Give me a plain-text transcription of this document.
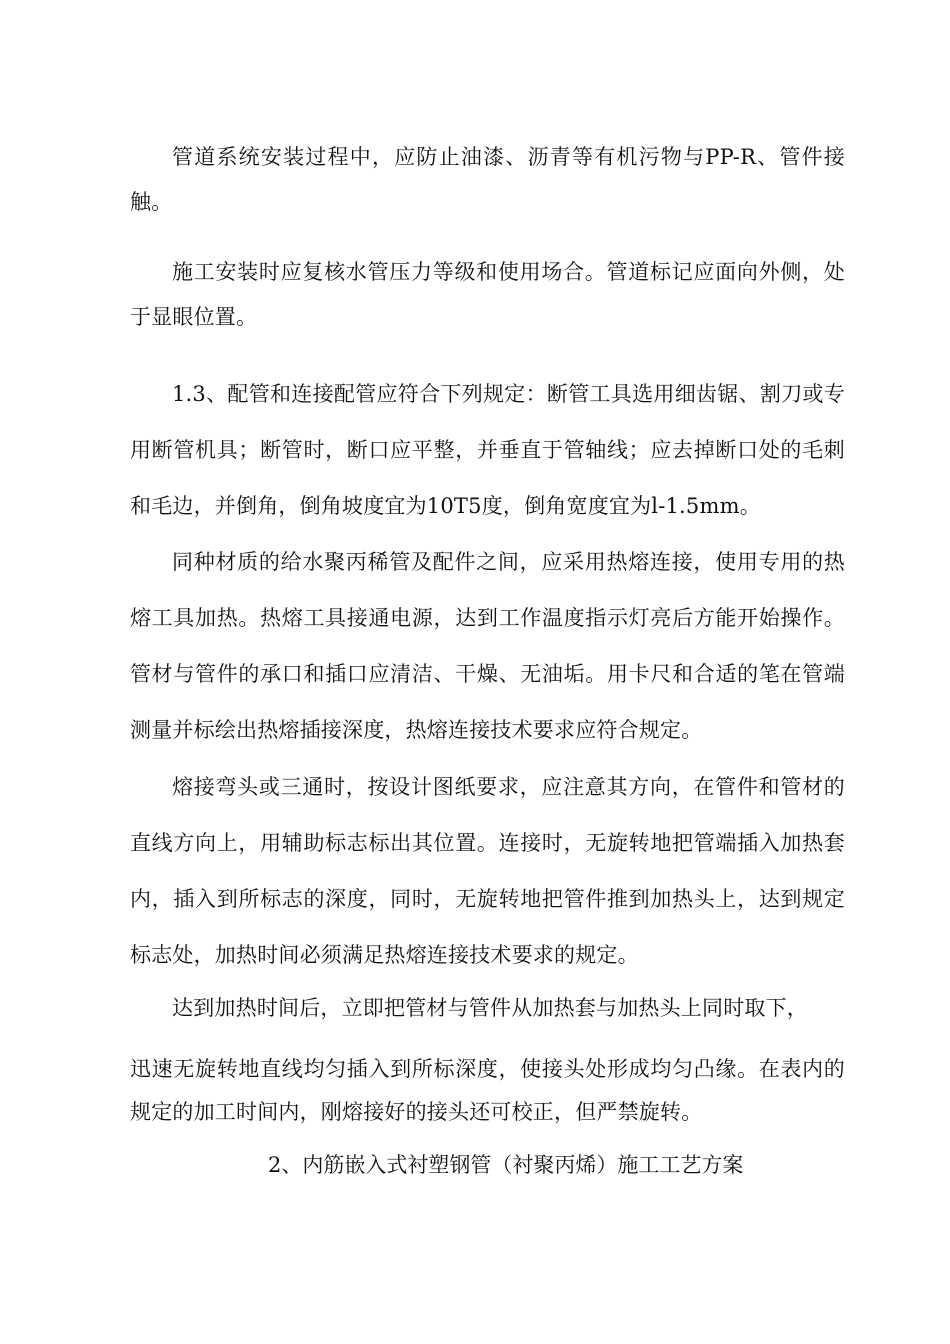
管道系统安装过程中，应防止油漆、沥青等有机污物与PP-R、管件接触。

施工安装时应复核水管压力等级和使用场合。管道标记应面向外侧，处于显眼位置。

1.3、配管和连接配管应符合下列规定：断管工具选用细齿锯、割刀或专用断管机具；断管时，断口应平整，并垂直于管轴线；应去掉断口处的毛刺和毛边，并倒角，倒角坡度宜为10T5度，倒角宽度宜为l-1.5mm。

同种材质的给水聚丙稀管及配件之间，应采用热熔连接，使用专用的热熔工具加热。热熔工具接通电源，达到工作温度指示灯亮后方能开始操作。管材与管件的承口和插口应清洁、干燥、无油垢。用卡尺和合适的笔在管端测量并标绘出热熔插接深度，热熔连接技术要求应符合规定。

熔接弯头或三通时，按设计图纸要求，应注意其方向，在管件和管材的直线方向上，用辅助标志标出其位置。连接时，无旋转地把管端插入加热套内，插入到所标志的深度，同时，无旋转地把管件推到加热头上，达到规定标志处，加热时间必须满足热熔连接技术要求的规定。

达到加热时间后，立即把管材与管件从加热套与加热头上同时取下，

迅速无旋转地直线均匀插入到所标深度，使接头处形成均匀凸缘。在表内的规定的加工时间内，刚熔接好的接头还可校正，但严禁旋转。

2、内筋嵌入式衬塑钢管（衬聚丙烯）施工工艺方案
